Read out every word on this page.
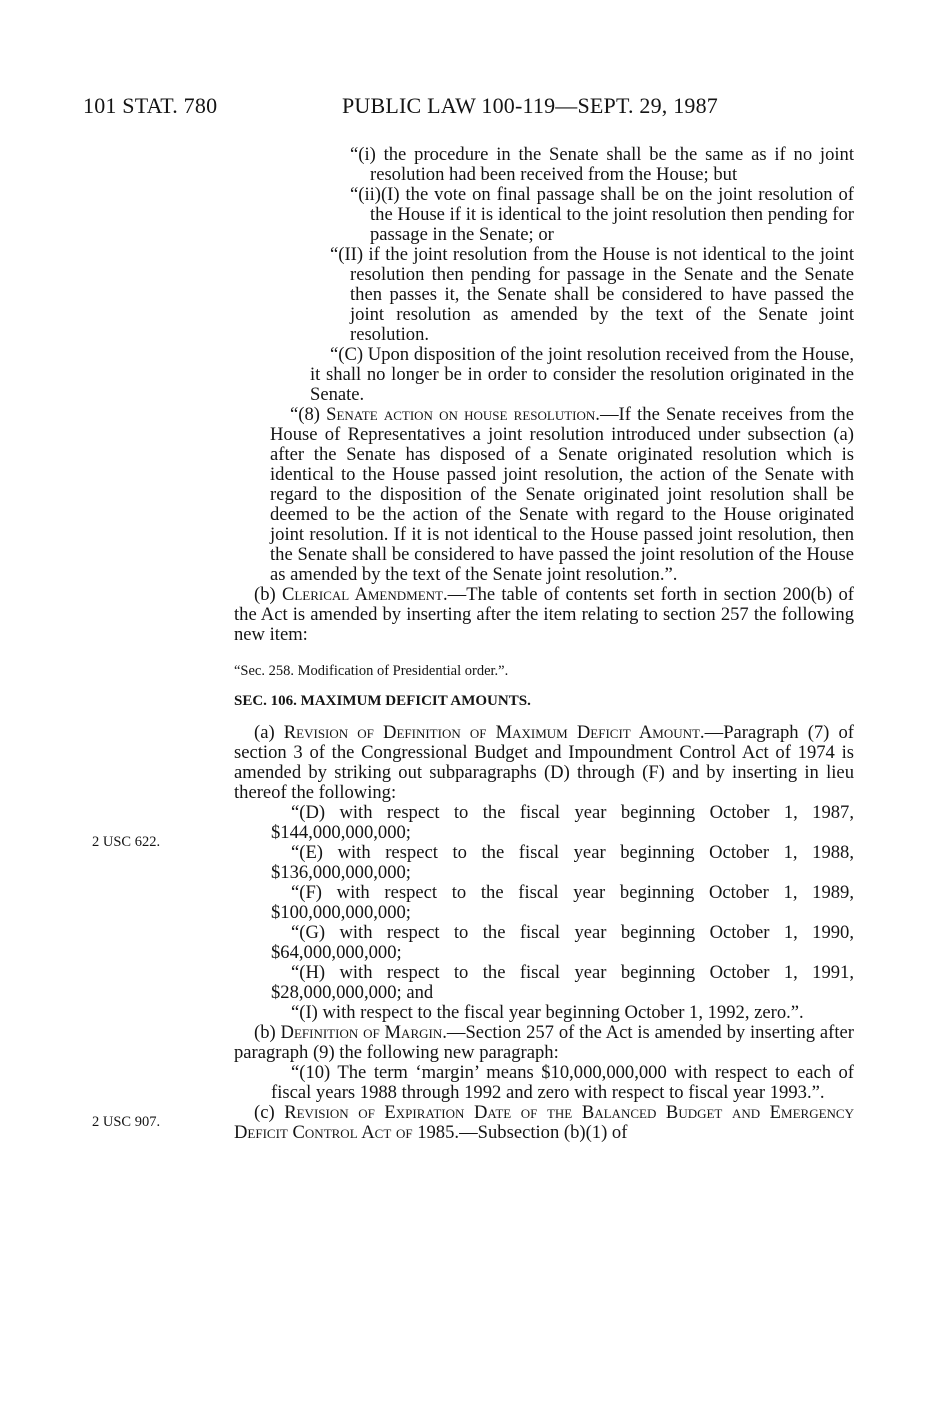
101 STAT. 780	PUBLIC LAW 100-119—SEPT. 29, 1987
2 USC 622.
2 USC 907.

“(i) the procedure in the Senate shall be the same as if no joint resolution had been received from the House; but

“(ii)(I) the vote on final passage shall be on the joint resolution of the House if it is identical to the joint resolution then pending for passage in the Senate; or

“(II) if the joint resolution from the House is not identical to the joint resolution then pending for passage in the Senate and the Senate then passes it, the Senate shall be considered to have passed the joint resolution as amended by the text of the Senate joint resolution.

“(C) Upon disposition of the joint resolution received from the House, it shall no longer be in order to consider the resolution originated in the Senate.

“(8) Senate action on house resolution.—If the Senate receives from the House of Representatives a joint resolution introduced under subsection (a) after the Senate has disposed of a Senate originated resolution which is identical to the House passed joint resolution, the action of the Senate with regard to the disposition of the Senate originated joint resolution shall be deemed to be the action of the Senate with regard to the House originated joint resolution. If it is not identical to the House passed joint resolution, then the Senate shall be considered to have passed the joint resolution of the House as amended by the text of the Senate joint resolution.”.

(b) Clerical Amendment.—The table of contents set forth in section 200(b) of the Act is amended by inserting after the item relating to section 257 the following new item:

“Sec. 258. Modification of Presidential order.”.

SEC. 106. MAXIMUM DEFICIT AMOUNTS.

(a) Revision of Definition of Maximum Deficit Amount.—Paragraph (7) of section 3 of the Congressional Budget and Impoundment Control Act of 1974 is amended by striking out subparagraphs (D) through (F) and by inserting in lieu thereof the following:

“(D) with respect to the fiscal year beginning October 1, 1987, $144,000,000,000;

“(E) with respect to the fiscal year beginning October 1, 1988, $136,000,000,000;

“(F) with respect to the fiscal year beginning October 1, 1989, $100,000,000,000;

“(G) with respect to the fiscal year beginning October 1, 1990, $64,000,000,000;

“(H) with respect to the fiscal year beginning October 1, 1991, $28,000,000,000; and

“(I) with respect to the fiscal year beginning October 1, 1992, zero.”.

(b) Definition of Margin.—Section 257 of the Act is amended by inserting after paragraph (9) the following new paragraph:

“(10) The term ‘margin’ means $10,000,000,000 with respect to each of fiscal years 1988 through 1992 and zero with respect to fiscal year 1993.”.

(c) Revision of Expiration Date of the Balanced Budget and Emergency Deficit Control Act of 1985.—Subsection (b)(1) of
